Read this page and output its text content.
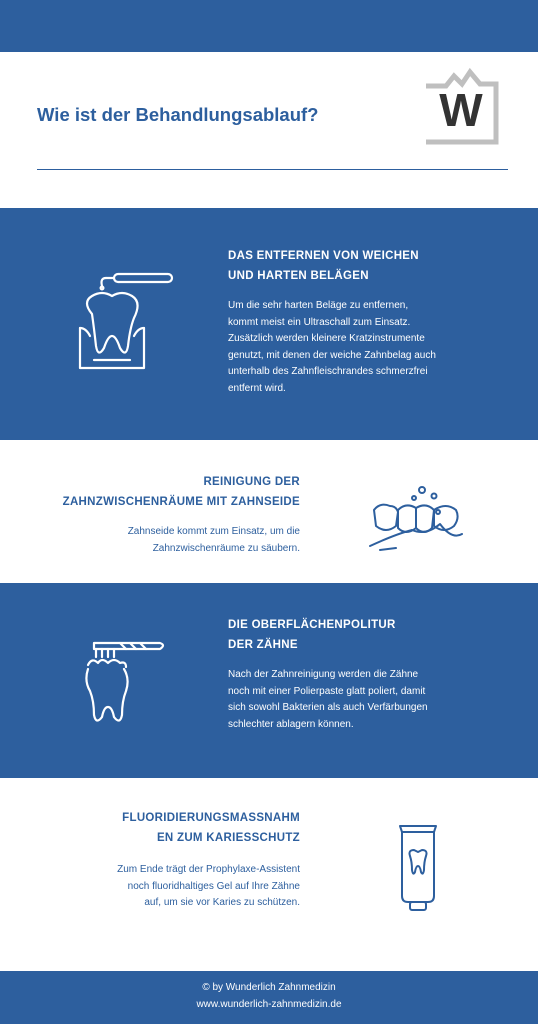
Wie ist der Behandlungsablauf?	W
DAS ENTFERNEN VON WEICHEN
UND HARTEN BELÄGEN
Um die sehr harten Beläge zu entfernen, kommt meist ein Ultraschall zum Einsatz. Zusätzlich werden kleinere Kratzinstrumente genutzt, mit denen der weiche Zahnbelag auch unterhalb des Zahnfleischrandes schmerzfrei entfernt wird.
REINIGUNG DER
ZAHNZWISCHENRÄUME MIT ZAHNSEIDE
Zahnseide kommt zum Einsatz, um die Zahnzwischenräume zu säubern.
DIE OBERFLÄCHENPOLITUR
DER ZÄHNE
Nach der Zahnreinigung werden die Zähne noch mit einer Polierpaste glatt poliert, damit sich sowohl Bakterien als auch Verfärbungen schlechter ablagern können.
FLUORIDIERUNGSMASSNAHM
EN ZUM KARIESSCHUTZ
Zum Ende trägt der Prophylaxe-Assistent noch fluoridhaltiges Gel auf Ihre Zähne auf, um sie vor Karies zu schützen.
© by Wunderlich Zahnmedizin
www.wunderlich-zahnmedizin.de
